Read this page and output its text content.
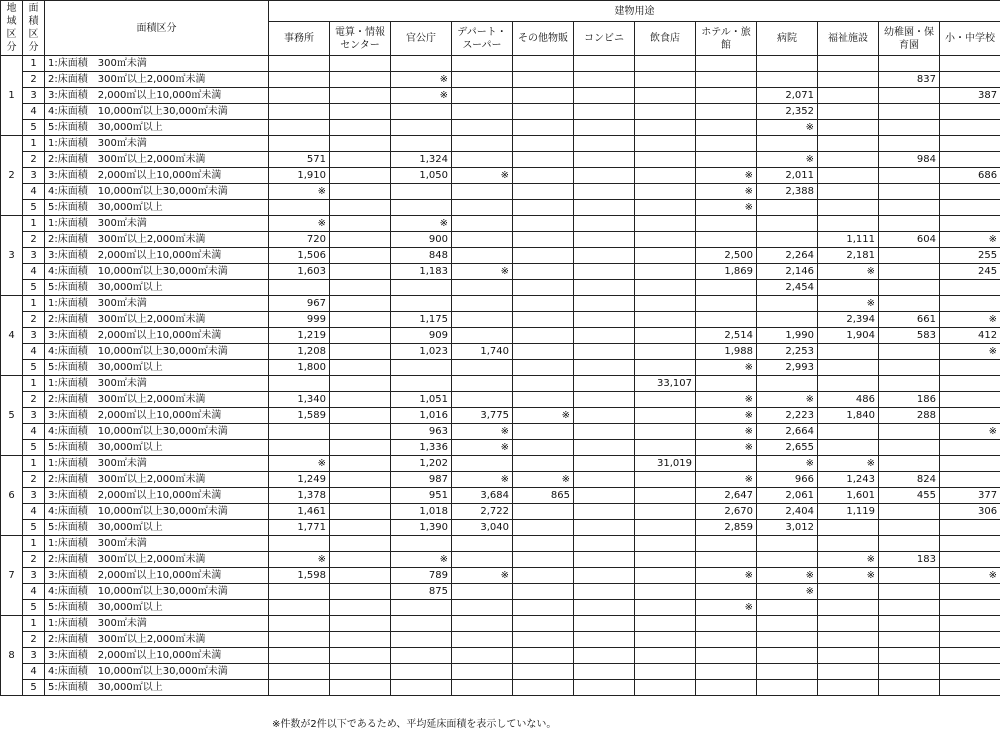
地域区分	面積区分	面積区分	建物用途											
			事務所	電算・情報センター	官公庁	デパート・スーパー	その他物販	コンビニ	飲食店	ホテル・旅館	病院	福祉施設	幼稚園・保育園	小・中学校
1	1	1:床面積　300㎡未満												
	2	2:床面積　300㎡以上2,000㎡未満			※								837	
	3	3:床面積　2,000㎡以上10,000㎡未満			※						2,071			387
	4	4:床面積　10,000㎡以上30,000㎡未満									2,352			
	5	5:床面積　30,000㎡以上									※			
2	1	1:床面積　300㎡未満												
	2	2:床面積　300㎡以上2,000㎡未満	571		1,324						※		984	
	3	3:床面積　2,000㎡以上10,000㎡未満	1,910		1,050	※				※	2,011			686
	4	4:床面積　10,000㎡以上30,000㎡未満	※							※	2,388			
	5	5:床面積　30,000㎡以上								※				
3	1	1:床面積　300㎡未満	※		※									
	2	2:床面積　300㎡以上2,000㎡未満	720		900							1,111	604	※
	3	3:床面積　2,000㎡以上10,000㎡未満	1,506		848					2,500	2,264	2,181		255
	4	4:床面積　10,000㎡以上30,000㎡未満	1,603		1,183	※				1,869	2,146	※		245
	5	5:床面積　30,000㎡以上									2,454			
4	1	1:床面積　300㎡未満	967									※		
	2	2:床面積　300㎡以上2,000㎡未満	999		1,175							2,394	661	※
	3	3:床面積　2,000㎡以上10,000㎡未満	1,219		909					2,514	1,990	1,904	583	412
	4	4:床面積　10,000㎡以上30,000㎡未満	1,208		1,023	1,740				1,988	2,253			※
	5	5:床面積　30,000㎡以上	1,800							※	2,993			
5	1	1:床面積　300㎡未満							33,107					
	2	2:床面積　300㎡以上2,000㎡未満	1,340		1,051					※	※	486	186	
	3	3:床面積　2,000㎡以上10,000㎡未満	1,589		1,016	3,775	※			※	2,223	1,840	288	
	4	4:床面積　10,000㎡以上30,000㎡未満			963	※				※	2,664			※
	5	5:床面積　30,000㎡以上			1,336	※				※	2,655			
6	1	1:床面積　300㎡未満	※		1,202				31,019		※	※		
	2	2:床面積　300㎡以上2,000㎡未満	1,249		987	※	※			※	966	1,243	824	
	3	3:床面積　2,000㎡以上10,000㎡未満	1,378		951	3,684	865			2,647	2,061	1,601	455	377
	4	4:床面積　10,000㎡以上30,000㎡未満	1,461		1,018	2,722				2,670	2,404	1,119		306
	5	5:床面積　30,000㎡以上	1,771		1,390	3,040				2,859	3,012			
7	1	1:床面積　300㎡未満												
	2	2:床面積　300㎡以上2,000㎡未満	※		※							※	183	
	3	3:床面積　2,000㎡以上10,000㎡未満	1,598		789	※				※	※	※		※
	4	4:床面積　10,000㎡以上30,000㎡未満			875						※			
	5	5:床面積　30,000㎡以上								※				
8	1	1:床面積　300㎡未満												
	2	2:床面積　300㎡以上2,000㎡未満												
	3	3:床面積　2,000㎡以上10,000㎡未満												
	4	4:床面積　10,000㎡以上30,000㎡未満												
	5	5:床面積　30,000㎡以上												
※件数が2件以下であるため、平均延床面積を表示していない。
